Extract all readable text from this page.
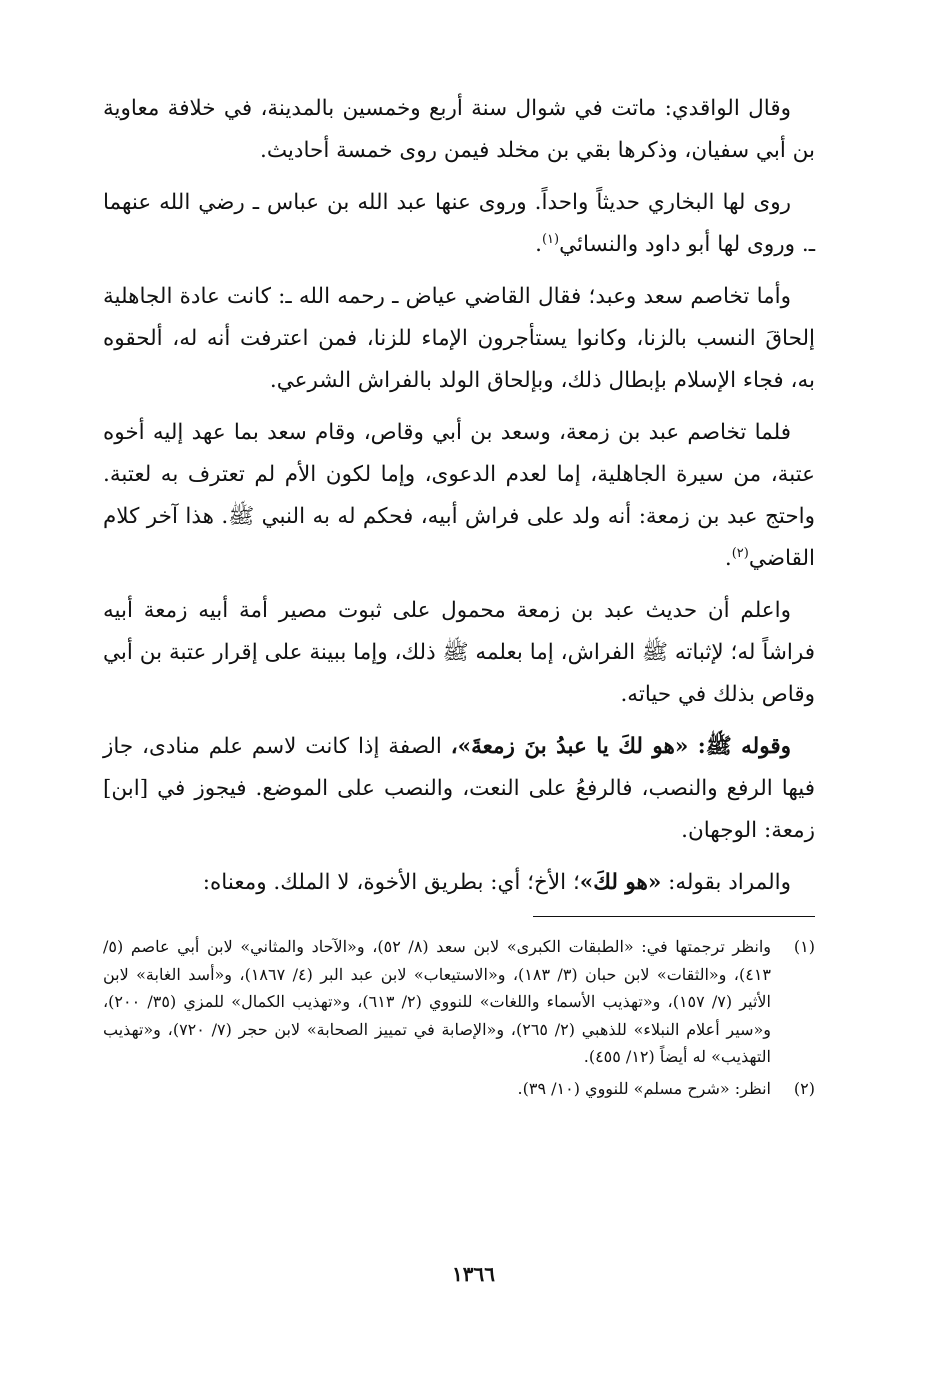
وقال الواقدي: ماتت في شوال سنة أربع وخمسين بالمدينة، في خلافة معاوية بن أبي سفيان، وذكرها بقي بن مخلد فيمن روى خمسة أحاديث.

روى لها البخاري حديثاً واحداً. وروى عنها عبد الله بن عباس ـ رضي الله عنهما ـ. وروى لها أبو داود والنسائي$^{(١)}$.

وأما تخاصم سعد وعبد؛ فقال القاضي عياض ـ رحمه الله ـ: كانت عادة الجاهلية إلحاقَ النسب بالزنا، وكانوا يستأجرون الإماء للزنا، فمن اعترفت أنه له، ألحقوه به، فجاء الإسلام بإبطال ذلك، وبإلحاق الولد بالفراش الشرعي.

فلما تخاصم عبد بن زمعة، وسعد بن أبي وقاص، وقام سعد بما عهد إليه أخوه عتبة، من سيرة الجاهلية، إما لعدم الدعوى، وإما لكون الأم لم تعترف به لعتبة. واحتج عبد بن زمعة: أنه ولد على فراش أبيه، فحكم له به النبي ﷺ. هذا آخر كلام القاضي$^{(٢)}$.

واعلم أن حديث عبد بن زمعة محمول على ثبوت مصير أمة أبيه زمعة أبيه فراشاً له؛ لإثباته ﷺ الفراش، إما بعلمه ﷺ ذلك، وإما ببينة على إقرار عتبة بن أبي وقاص بذلك في حياته.

وقوله ﷺ: «هو لكَ يا عبدُ بنَ زمعةَ»، الصفة إذا كانت لاسم علم منادى، جاز فيها الرفع والنصب، فالرفعُ على النعت، والنصب على الموضع. فيجوز في [ابن] زمعة: الوجهان.

والمراد بقوله: «هو لكَ»؛ الأخ؛ أي: بطريق الأخوة، لا الملك. ومعناه:

(١)
وانظر ترجمتها في: «الطبقات الكبرى» لابن سعد (٨/ ٥٢)، و«الآحاد والمثاني» لابن أبي عاصم (٥/ ٤١٣)، و«الثقات» لابن حبان (٣/ ١٨٣)، و«الاستيعاب» لابن عبد البر (٤/ ١٨٦٧)، و«أسد الغابة» لابن الأثير (٧/ ١٥٧)، و«تهذيب الأسماء واللغات» للنووي (٢/ ٦١٣)، و«تهذيب الكمال» للمزي (٣٥/ ٢٠٠)، و«سير أعلام النبلاء» للذهبي (٢/ ٢٦٥)، و«الإصابة في تمييز الصحابة» لابن حجر (٧/ ٧٢٠)، و«تهذيب التهذيب» له أيضاً (١٢/ ٤٥٥).
(٢)
انظر: «شرح مسلم» للنووي (١٠/ ٣٩).
١٣٦٦
